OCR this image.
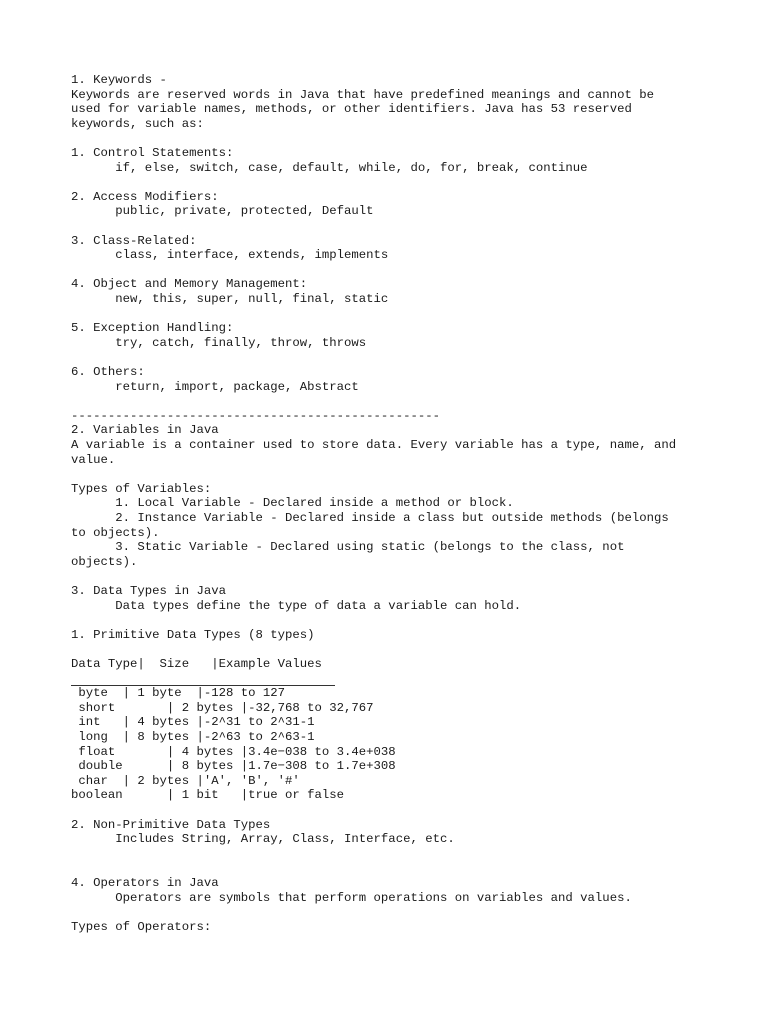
1. Keywords -
Keywords are reserved words in Java that have predefined meanings and cannot be
used for variable names, methods, or other identifiers. Java has 53 reserved
keywords, such as:
1. Control Statements:
if, else, switch, case, default, while, do, for, break, continue
2. Access Modifiers:
public, private, protected, Default
3. Class-Related:
class, interface, extends, implements
4. Object and Memory Management:
new, this, super, null, final, static
5. Exception Handling:
try, catch, finally, throw, throws
6. Others:
return, import, package, Abstract
--------------------------------------------------
2. Variables in Java
A variable is a container used to store data. Every variable has a type, name, and
value.
Types of Variables:
1. Local Variable - Declared inside a method or block.
2. Instance Variable - Declared inside a class but outside methods (belongs
to objects).
3. Static Variable - Declared using static (belongs to the class, not
objects).
3. Data Types in Java
Data types define the type of data a variable can hold.
1. Primitive Data Types (8 types)
Data Type|  Size   |Example Values
byte  | 1 byte  |-128 to 127
short       | 2 bytes |-32,768 to 32,767
int   | 4 bytes |-2^31 to 2^31-1
long  | 8 bytes |-2^63 to 2^63-1
float       | 4 bytes |3.4e−038 to 3.4e+038
double      | 8 bytes |1.7e−308 to 1.7e+308
char  | 2 bytes |'A', 'B', '#'
boolean      | 1 bit   |true or false
2. Non-Primitive Data Types
Includes String, Array, Class, Interface, etc.
4. Operators in Java
Operators are symbols that perform operations on variables and values.
Types of Operators:
